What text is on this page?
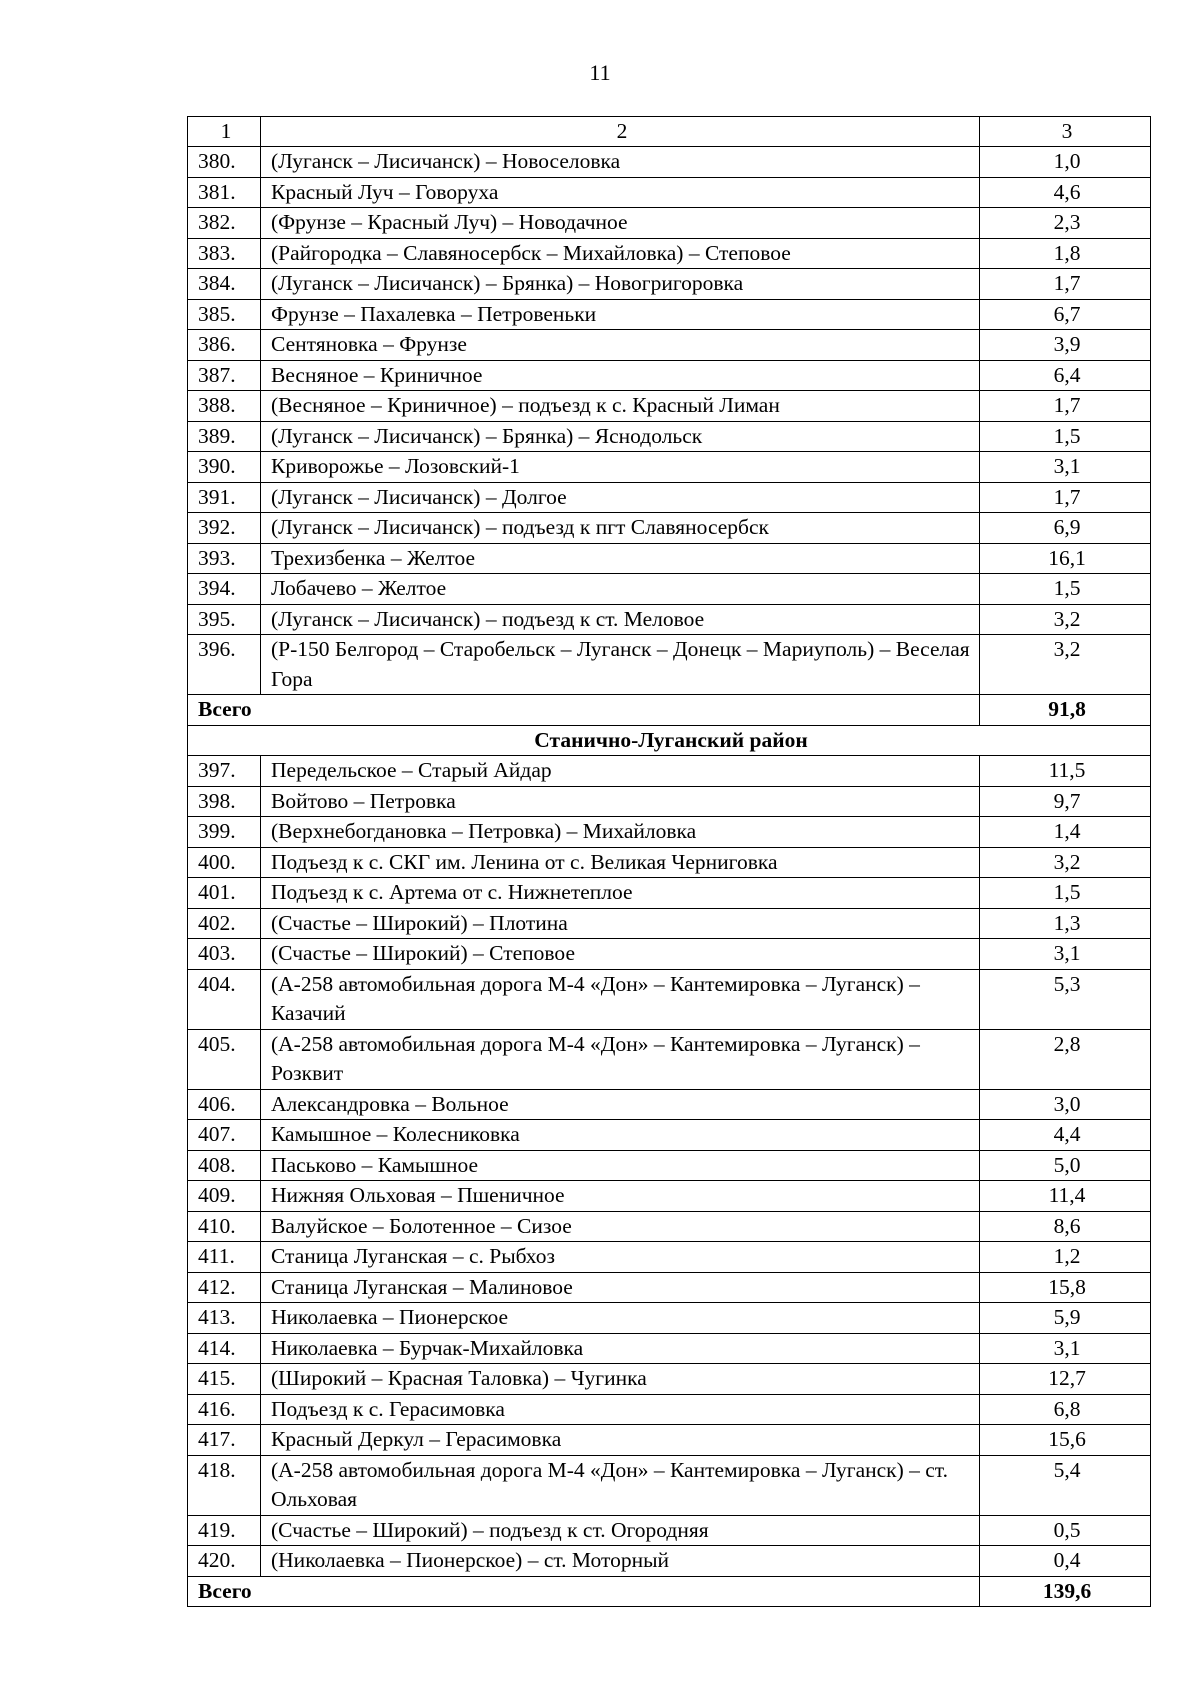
11
1	2	3
380.	(Луганск – Лисичанск) – Новоселовка	1,0
381.	Красный Луч – Говоруха	4,6
382.	(Фрунзе – Красный Луч) – Новодачное	2,3
383.	(Райгородка – Славяносербск – Михайловка) – Степовое	1,8
384.	(Луганск – Лисичанск) – Брянка) – Новогригоровка	1,7
385.	Фрунзе – Пахалевка – Петровеньки	6,7
386.	Сентяновка – Фрунзе	3,9
387.	Весняное – Криничное	6,4
388.	(Весняное – Криничное) – подъезд к с. Красный Лиман	1,7
389.	(Луганск – Лисичанск) – Брянка) – Яснодольск	1,5
390.	Криворожье – Лозовский-1	3,1
391.	(Луганск – Лисичанск) – Долгое	1,7
392.	(Луганск – Лисичанск) – подъезд к пгт Славяносербск	6,9
393.	Трехизбенка – Желтое	16,1
394.	Лобачево – Желтое	1,5
395.	(Луганск – Лисичанск) – подъезд к ст. Меловое	3,2
396.	(Р-150 Белгород – Старобельск – Луганск – Донецк – Мариуполь) – Веселая Гора	3,2
Всего		91,8
Станично-Луганский район		
397.	Передельское – Старый Айдар	11,5
398.	Войтово – Петровка	9,7
399.	(Верхнебогдановка – Петровка) – Михайловка	1,4
400.	Подъезд к с. СКГ им. Ленина от с. Великая Черниговка	3,2
401.	Подъезд к с. Артема от с. Нижнетеплое	1,5
402.	(Счастье – Широкий) – Плотина	1,3
403.	(Счастье – Широкий) – Степовое	3,1
404.	(А-258 автомобильная дорога М-4 «Дон» – Кантемировка – Луганск) – Казачий	5,3
405.	(А-258 автомобильная дорога М-4 «Дон» – Кантемировка – Луганск) – Розквит	2,8
406.	Александровка – Вольное	3,0
407.	Камышное – Колесниковка	4,4
408.	Паськово – Камышное	5,0
409.	Нижняя Ольховая – Пшеничное	11,4
410.	Валуйское – Болотенное – Сизое	8,6
411.	Станица Луганская – с. Рыбхоз	1,2
412.	Станица Луганская – Малиновое	15,8
413.	Николаевка – Пионерское	5,9
414.	Николаевка – Бурчак-Михайловка	3,1
415.	(Широкий – Красная Таловка) – Чугинка	12,7
416.	Подъезд к с. Герасимовка	6,8
417.	Красный Деркул – Герасимовка	15,6
418.	(А-258 автомобильная дорога М-4 «Дон» – Кантемировка – Луганск) – ст. Ольховая	5,4
419.	(Счастье – Широкий) – подъезд к ст. Огородняя	0,5
420.	(Николаевка – Пионерское) – ст. Моторный	0,4
Всего		139,6
